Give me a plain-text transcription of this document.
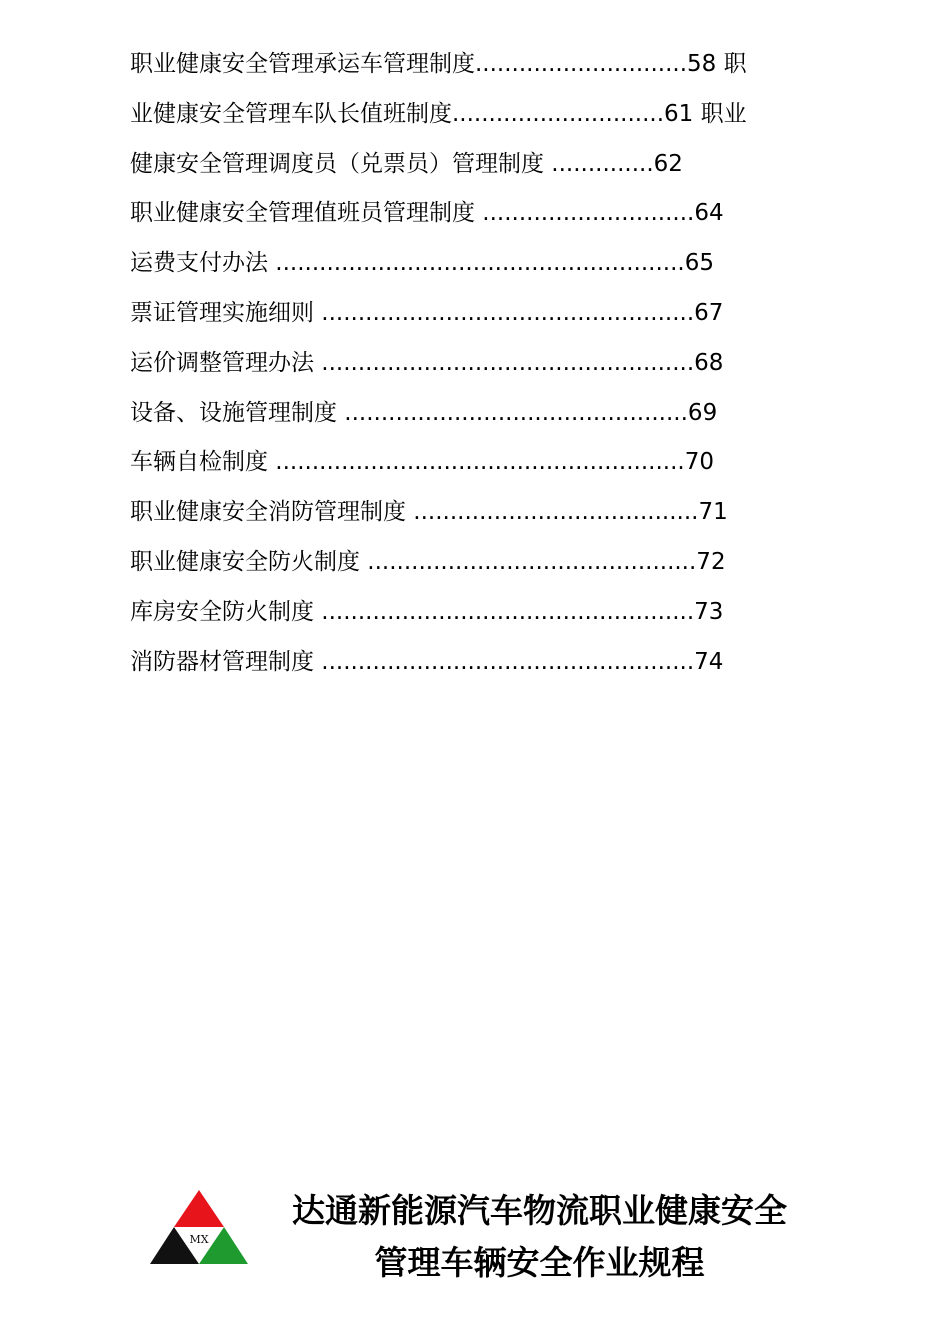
职业健康安全管理承运车管理制度.............................58 职
业健康安全管理车队长值班制度.............................61 职业
健康安全管理调度员（兑票员）管理制度 ..............62
职业健康安全管理值班员管理制度 .............................64
运费支付办法 ........................................................65
票证管理实施细则 ...................................................67
运价调整管理办法 ...................................................68
设备、设施管理制度 ...............................................69
车辆自检制度 ........................................................70
职业健康安全消防管理制度 .......................................71
职业健康安全防火制度 .............................................72
库房安全防火制度 ...................................................73
消防器材管理制度 ...................................................74
MX
达通新能源汽车物流职业健康安全
管理车辆安全作业规程
